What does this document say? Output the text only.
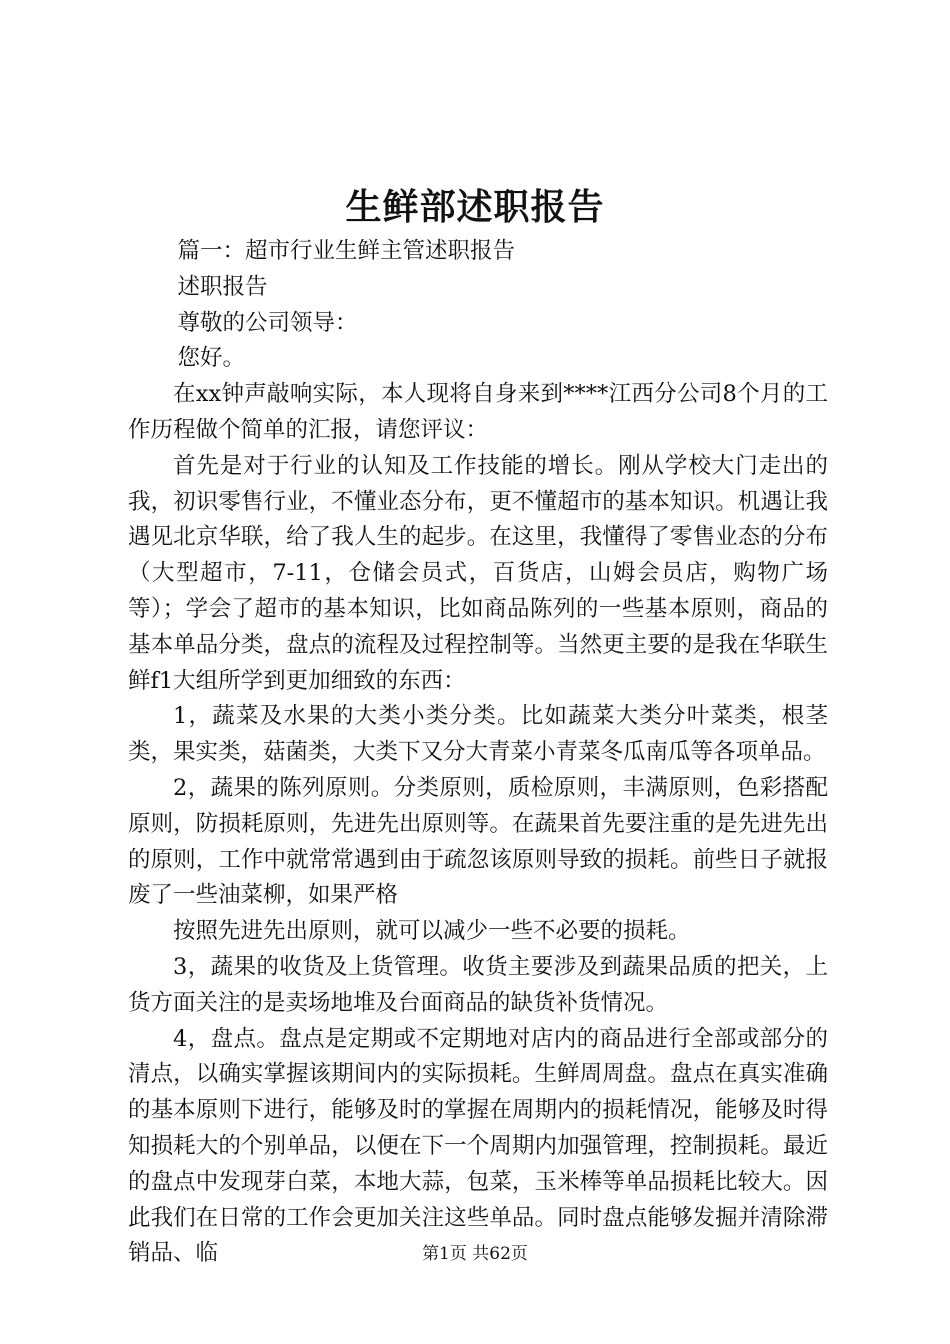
生鲜部述职报告

篇一：超市行业生鲜主管述职报告

述职报告

尊敬的公司领导：

您好。

在xx钟声敲响实际，本人现将自身来到****江西分公司8个月的工作历程做个简单的汇报，请您评议：

首先是对于行业的认知及工作技能的增长。刚从学校大门走出的我，初识零售行业，不懂业态分布，更不懂超市的基本知识。机遇让我遇见北京华联，给了我人生的起步。在这里，我懂得了零售业态的分布（大型超市，7-11，仓储会员式，百货店，山姆会员店，购物广场等）；学会了超市的基本知识，比如商品陈列的一些基本原则，商品的基本单品分类，盘点的流程及过程控制等。当然更主要的是我在华联生鲜f1大组所学到更加细致的东西：

1，蔬菜及水果的大类小类分类。比如蔬菜大类分叶菜类，根茎类，果实类，菇菌类，大类下又分大青菜小青菜冬瓜南瓜等各项单品。

2，蔬果的陈列原则。分类原则，质检原则，丰满原则，色彩搭配原则，防损耗原则，先进先出原则等。在蔬果首先要注重的是先进先出的原则，工作中就常常遇到由于疏忽该原则导致的损耗。前些日子就报废了一些油菜柳，如果严格

按照先进先出原则，就可以减少一些不必要的损耗。

3，蔬果的收货及上货管理。收货主要涉及到蔬果品质的把关，上货方面关注的是卖场地堆及台面商品的缺货补货情况。

4，盘点。盘点是定期或不定期地对店内的商品进行全部或部分的清点，以确实掌握该期间内的实际损耗。生鲜周周盘。盘点在真实准确的基本原则下进行，能够及时的掌握在周期内的损耗情况，能够及时得知损耗大的个别单品，以便在下一个周期内加强管理，控制损耗。最近的盘点中发现芽白菜，本地大蒜，包菜，玉米棒等单品损耗比较大。因此我们在日常的工作会更加关注这些单品。同时盘点能够发掘并清除滞销品、临	第1页 共62页
